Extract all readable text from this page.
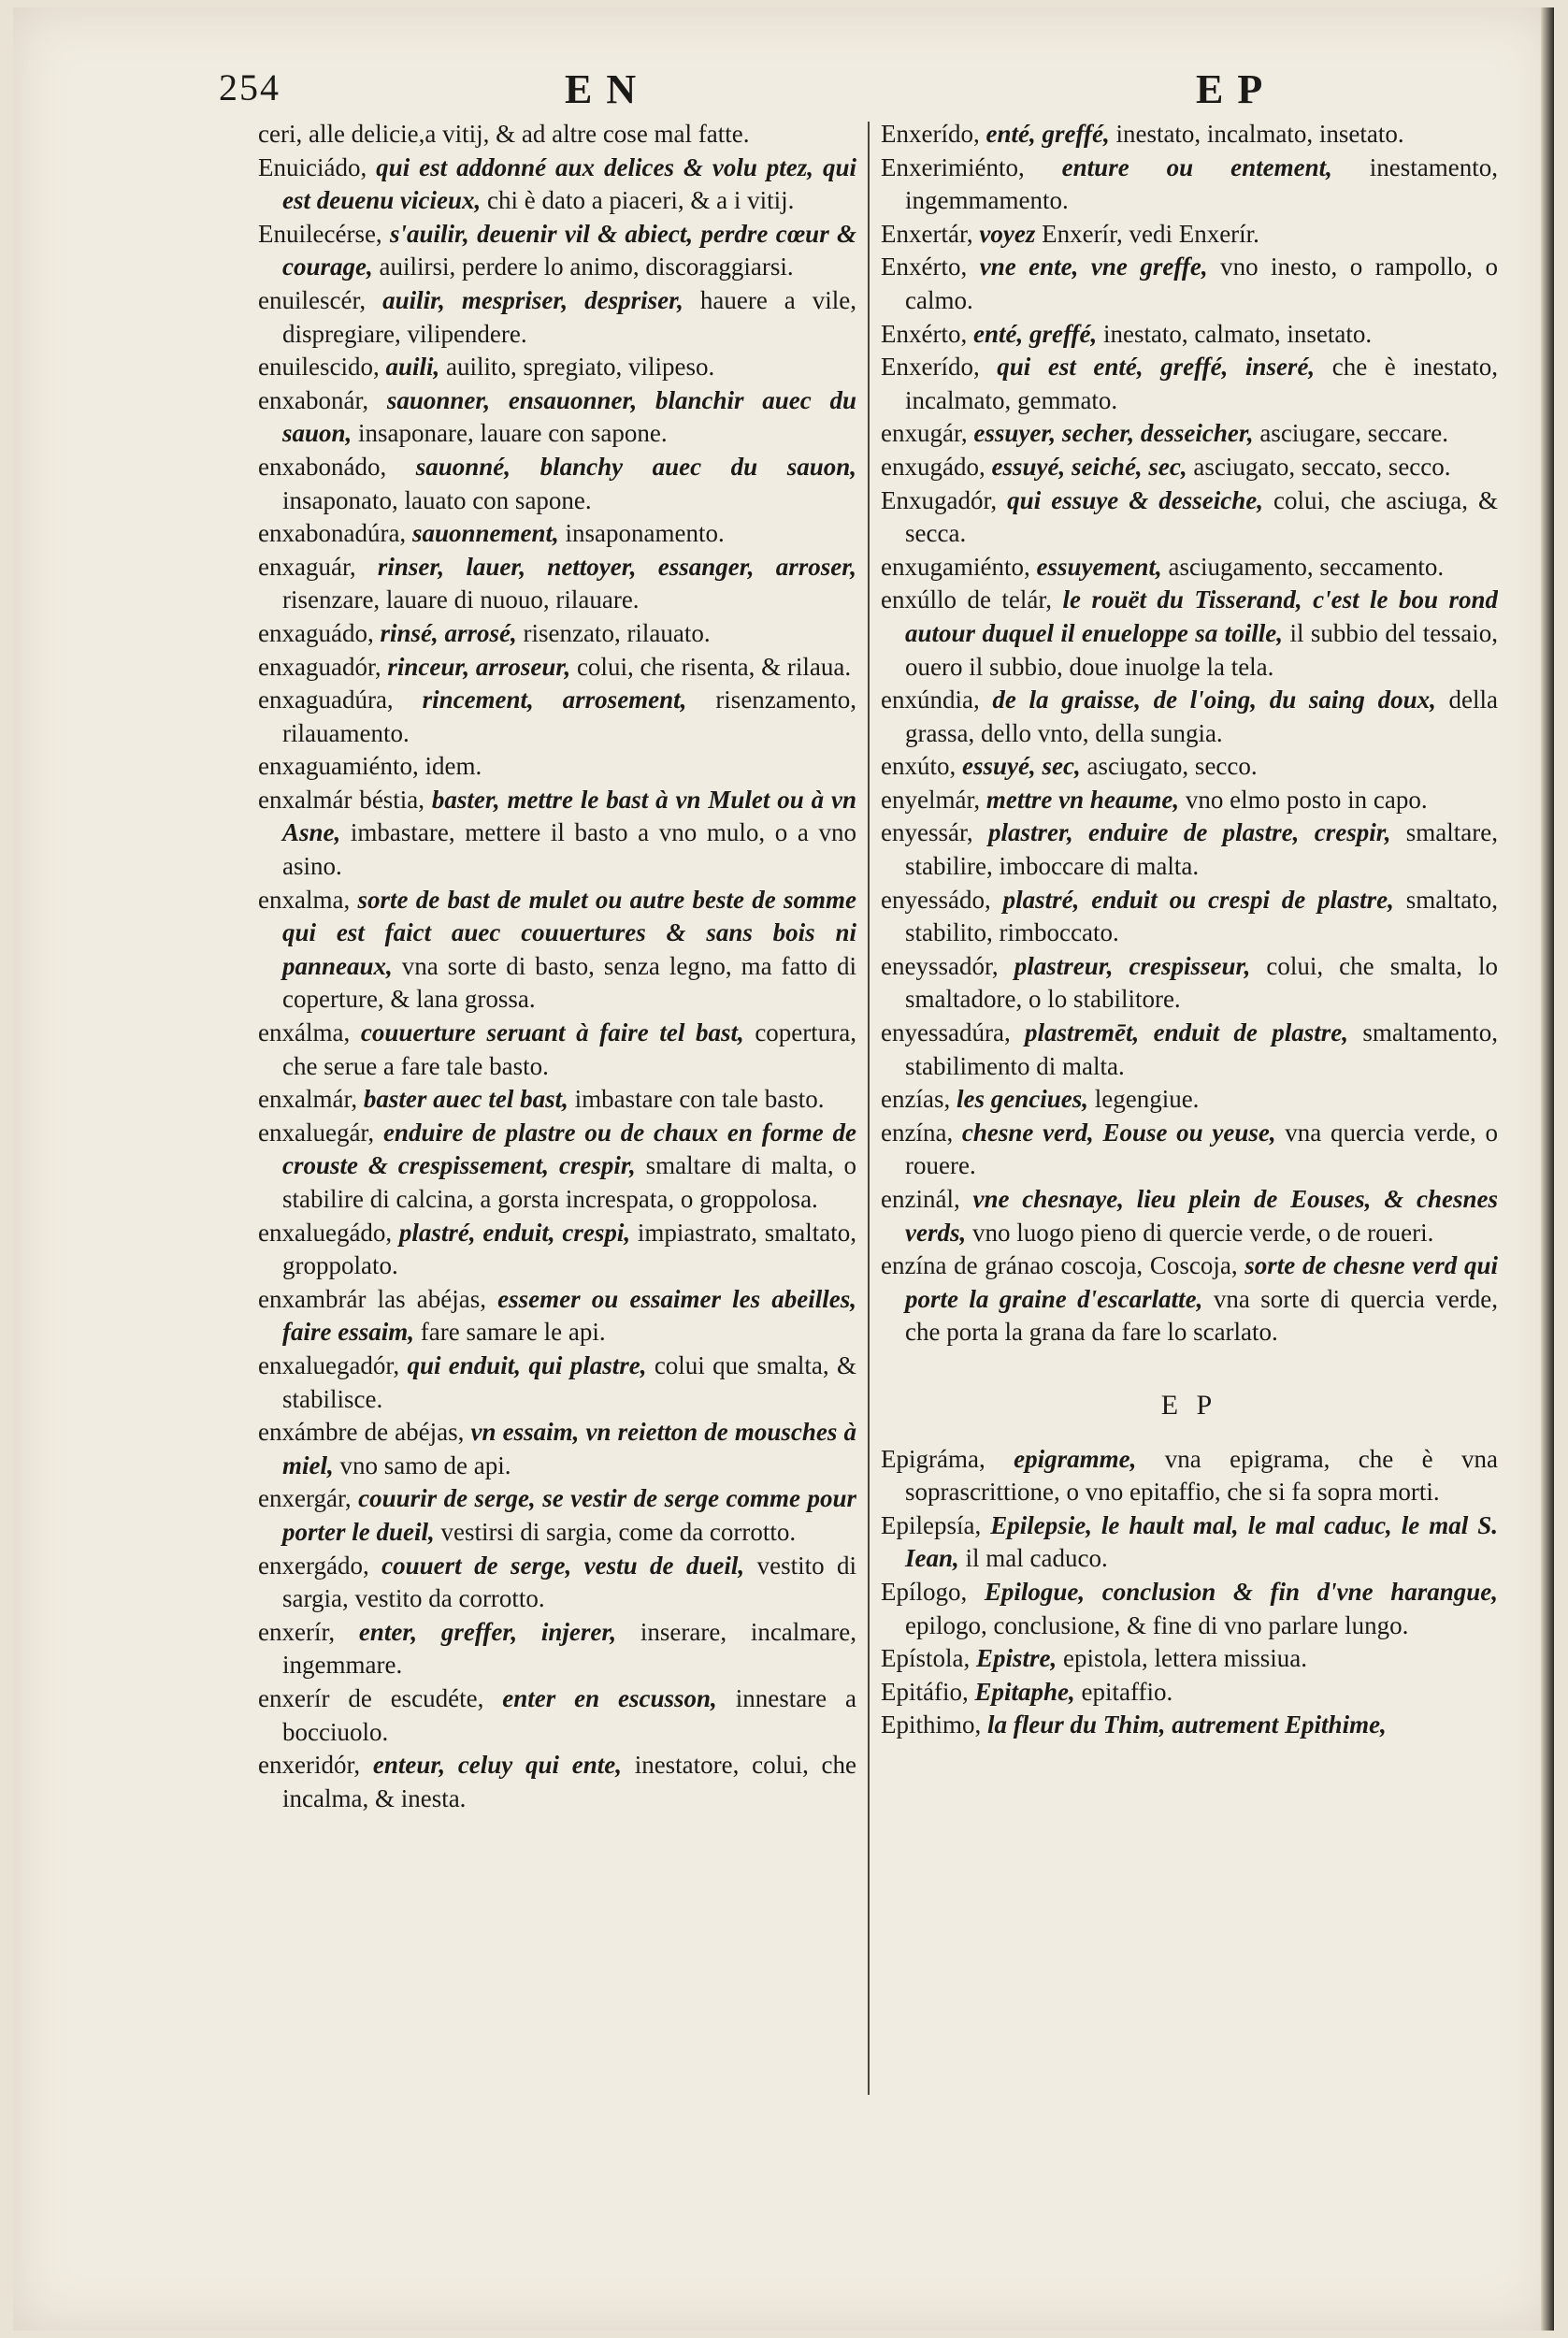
254	E N	E P
ceri, alle delicie,a vitij, & ad altre cose mal fatte.
Enuiciádo, qui est addonné aux delices & volu ptez, qui est deuenu vicieux, chi è dato a piaceri, & a i vitij.
Enuilecérse, s'auilir, deuenir vil & abiect, perdre cœur & courage, auilirsi, perdere lo animo, discoraggiarsi.
enuilescér, auilir, mespriser, despriser, hauere a vile, dispregiare, vilipendere.
enuilescido, auili, auilito, spregiato, vilipeso.
enxabonár, sauonner, ensauonner, blanchir auec du sauon, insaponare, lauare con sapone.
enxabonádo, sauonné, blanchy auec du sauon, insaponato, lauato con sapone.
enxabonadúra, sauonnement, insaponamento.
enxaguár, rinser, lauer, nettoyer, essanger, arroser, risenzare, lauare di nuouo, rilauare.
enxaguádo, rinsé, arrosé, risenzato, rilauato.
enxaguadór, rinceur, arroseur, colui, che risenta, & rilaua.
enxaguadúra, rincement, arrosement, risenzamento, rilauamento.
enxaguamiénto, idem.
enxalmár béstia, baster, mettre le bast à vn Mulet ou à vn Asne, imbastare, mettere il basto a vno mulo, o a vno asino.
enxalma, sorte de bast de mulet ou autre beste de somme qui est faict auec couuertures & sans bois ni panneaux, vna sorte di basto, senza legno, ma fatto di coperture, & lana grossa.
enxálma, couuerture seruant à faire tel bast, copertura, che serue a fare tale basto.
enxalmár, baster auec tel bast, imbastare con tale basto.
enxaluegár, enduire de plastre ou de chaux en forme de crouste & crespissement, crespir, smaltare di malta, o stabilire di calcina, a gorsta increspata, o groppolosa.
enxaluegádo, plastré, enduit, crespi, impiastrato, smaltato, groppolato.
enxambrár las abéjas, essemer ou essaimer les abeilles, faire essaim, fare samare le api.
enxaluegadór, qui enduit, qui plastre, colui que smalta, & stabilisce.
enxámbre de abéjas, vn essaim, vn reietton de mousches à miel, vno samo de api.
enxergár, couurir de serge, se vestir de serge comme pour porter le dueil, vestirsi di sargia, come da corrotto.
enxergádo, couuert de serge, vestu de dueil, vestito di sargia, vestito da corrotto.
enxerír, enter, greffer, injerer, inserare, incalmare, ingemmare.
enxerír de escudéte, enter en escusson, innestare a bocciuolo.
enxeridór, enteur, celuy qui ente, inestatore, colui, che incalma, & inesta.
Enxerído, enté, greffé, inestato, incalmato, insetato.
Enxerimiénto, enture ou entement, inestamento, ingemmamento.
Enxertár, voyez Enxerír, vedi Enxerír.
Enxérto, vne ente, vne greffe, vno inesto, o rampollo, o calmo.
Enxérto, enté, greffé, inestato, calmato, insetato.
Enxerído, qui est enté, greffé, inseré, che è inestato, incalmato, gemmato.
enxugár, essuyer, secher, desseicher, asciugare, seccare.
enxugádo, essuyé, seiché, sec, asciugato, seccato, secco.
Enxugadór, qui essuye & desseiche, colui, che asciuga, & secca.
enxugamiénto, essuyement, asciugamento, seccamento.
enxúllo de telár, le rouët du Tisserand, c'est le bou rond autour duquel il enueloppe sa toille, il subbio del tessaio, ouero il subbio, doue inuolge la tela.
enxúndia, de la graisse, de l'oing, du saing doux, della grassa, dello vnto, della sungia.
enxúto, essuyé, sec, asciugato, secco.
enyelmár, mettre vn heaume, vno elmo posto in capo.
enyessár, plastrer, enduire de plastre, crespir, smaltare, stabilire, imboccare di malta.
enyessádo, plastré, enduit ou crespi de plastre, smaltato, stabilito, rimboccato.
eneyssadór, plastreur, crespisseur, colui, che smalta, lo smaltadore, o lo stabilitore.
enyessadúra, plastremēt, enduit de plastre, smaltamento, stabilimento di malta.
enzías, les genciues, legengiue.
enzína, chesne verd, Eouse ou yeuse, vna quercia verde, o rouere.
enzinál, vne chesnaye, lieu plein de Eouses, & chesnes verds, vno luogo pieno di quercie verde, o de roueri.
enzína de gránao coscoja, Coscoja, sorte de chesne verd qui porte la graine d'escarlatte, vna sorte di quercia verde, che porta la grana da fare lo scarlato.
E P
Epigráma, epigramme, vna epigrama, che è vna soprascrittione, o vno epitaffio, che si fa sopra morti.
Epilepsía, Epilepsie, le hault mal, le mal caduc, le mal S. Iean, il mal caduco.
Epílogo, Epilogue, conclusion & fin d'vne harangue, epilogo, conclusione, & fine di vno parlare lungo.
Epístola, Epistre, epistola, lettera missiua.
Epitáfio, Epitaphe, epitaffio.
Epithimo, la fleur du Thim, autrement Epithime,
